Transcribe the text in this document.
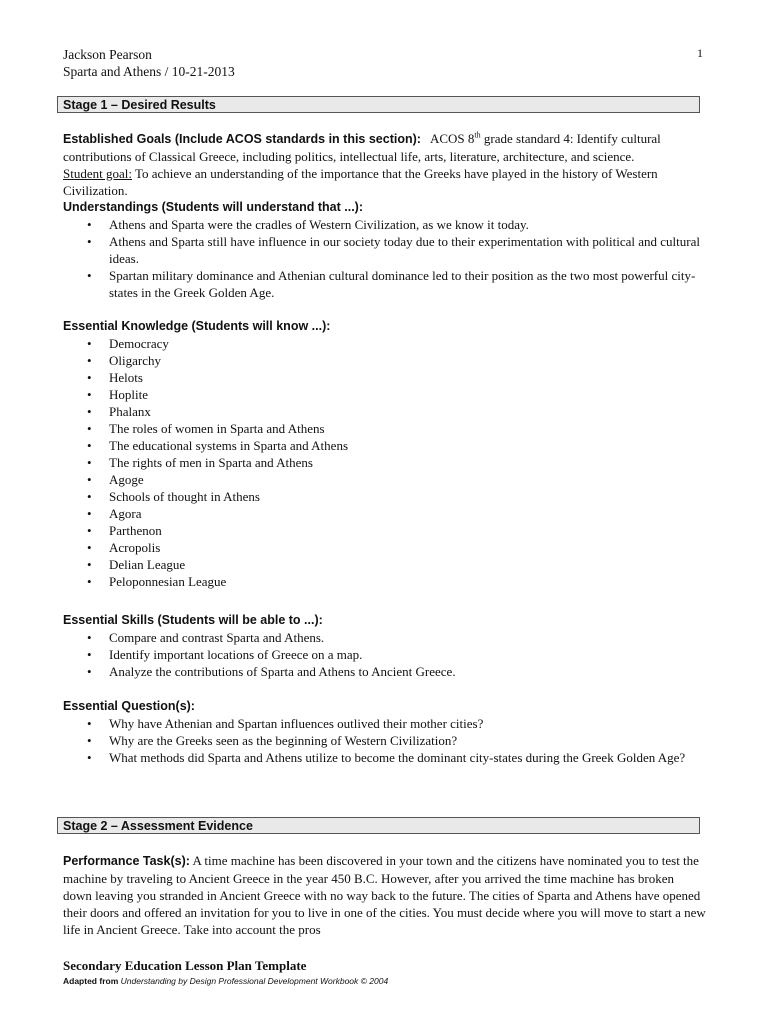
Jackson Pearson
Sparta and Athens / 10-21-2013
1
Stage 1 – Desired Results
Established Goals (Include ACOS standards in this section): ACOS 8th grade standard 4: Identify cultural contributions of Classical Greece, including politics, intellectual life, arts, literature, architecture, and science.
Student goal: To achieve an understanding of the importance that the Greeks have played in the history of Western Civilization.
Understandings (Students will understand that ...):
• Athens and Sparta were the cradles of Western Civilization, as we know it today.
• Athens and Sparta still have influence in our society today due to their experimentation with political and cultural ideas.
• Spartan military dominance and Athenian cultural dominance led to their position as the two most powerful city-states in the Greek Golden Age.
Essential Knowledge (Students will know ...):
• Democracy
• Oligarchy
• Helots
• Hoplite
• Phalanx
• The roles of women in Sparta and Athens
• The educational systems in Sparta and Athens
• The rights of men in Sparta and Athens
• Agoge
• Schools of thought in Athens
• Agora
• Parthenon
• Acropolis
• Delian League
• Peloponnesian League
Essential Skills (Students will be able to ...):
• Compare and contrast Sparta and Athens.
• Identify important locations of Greece on a map.
• Analyze the contributions of Sparta and Athens to Ancient Greece.
Essential Question(s):
• Why have Athenian and Spartan influences outlived their mother cities?
• Why are the Greeks seen as the beginning of Western Civilization?
• What methods did Sparta and Athens utilize to become the dominant city-states during the Greek Golden Age?
Stage 2 – Assessment Evidence
Performance Task(s): A time machine has been discovered in your town and the citizens have nominated you to test the machine by traveling to Ancient Greece in the year 450 B.C. However, after you arrived the time machine has broken down leaving you stranded in Ancient Greece with no way back to the future. The cities of Sparta and Athens have opened their doors and offered an invitation for you to live in one of the cities. You must decide where you will move to start a new life in Ancient Greece. Take into account the pros
Secondary Education Lesson Plan Template
Adapted from Understanding by Design Professional Development Workbook © 2004
